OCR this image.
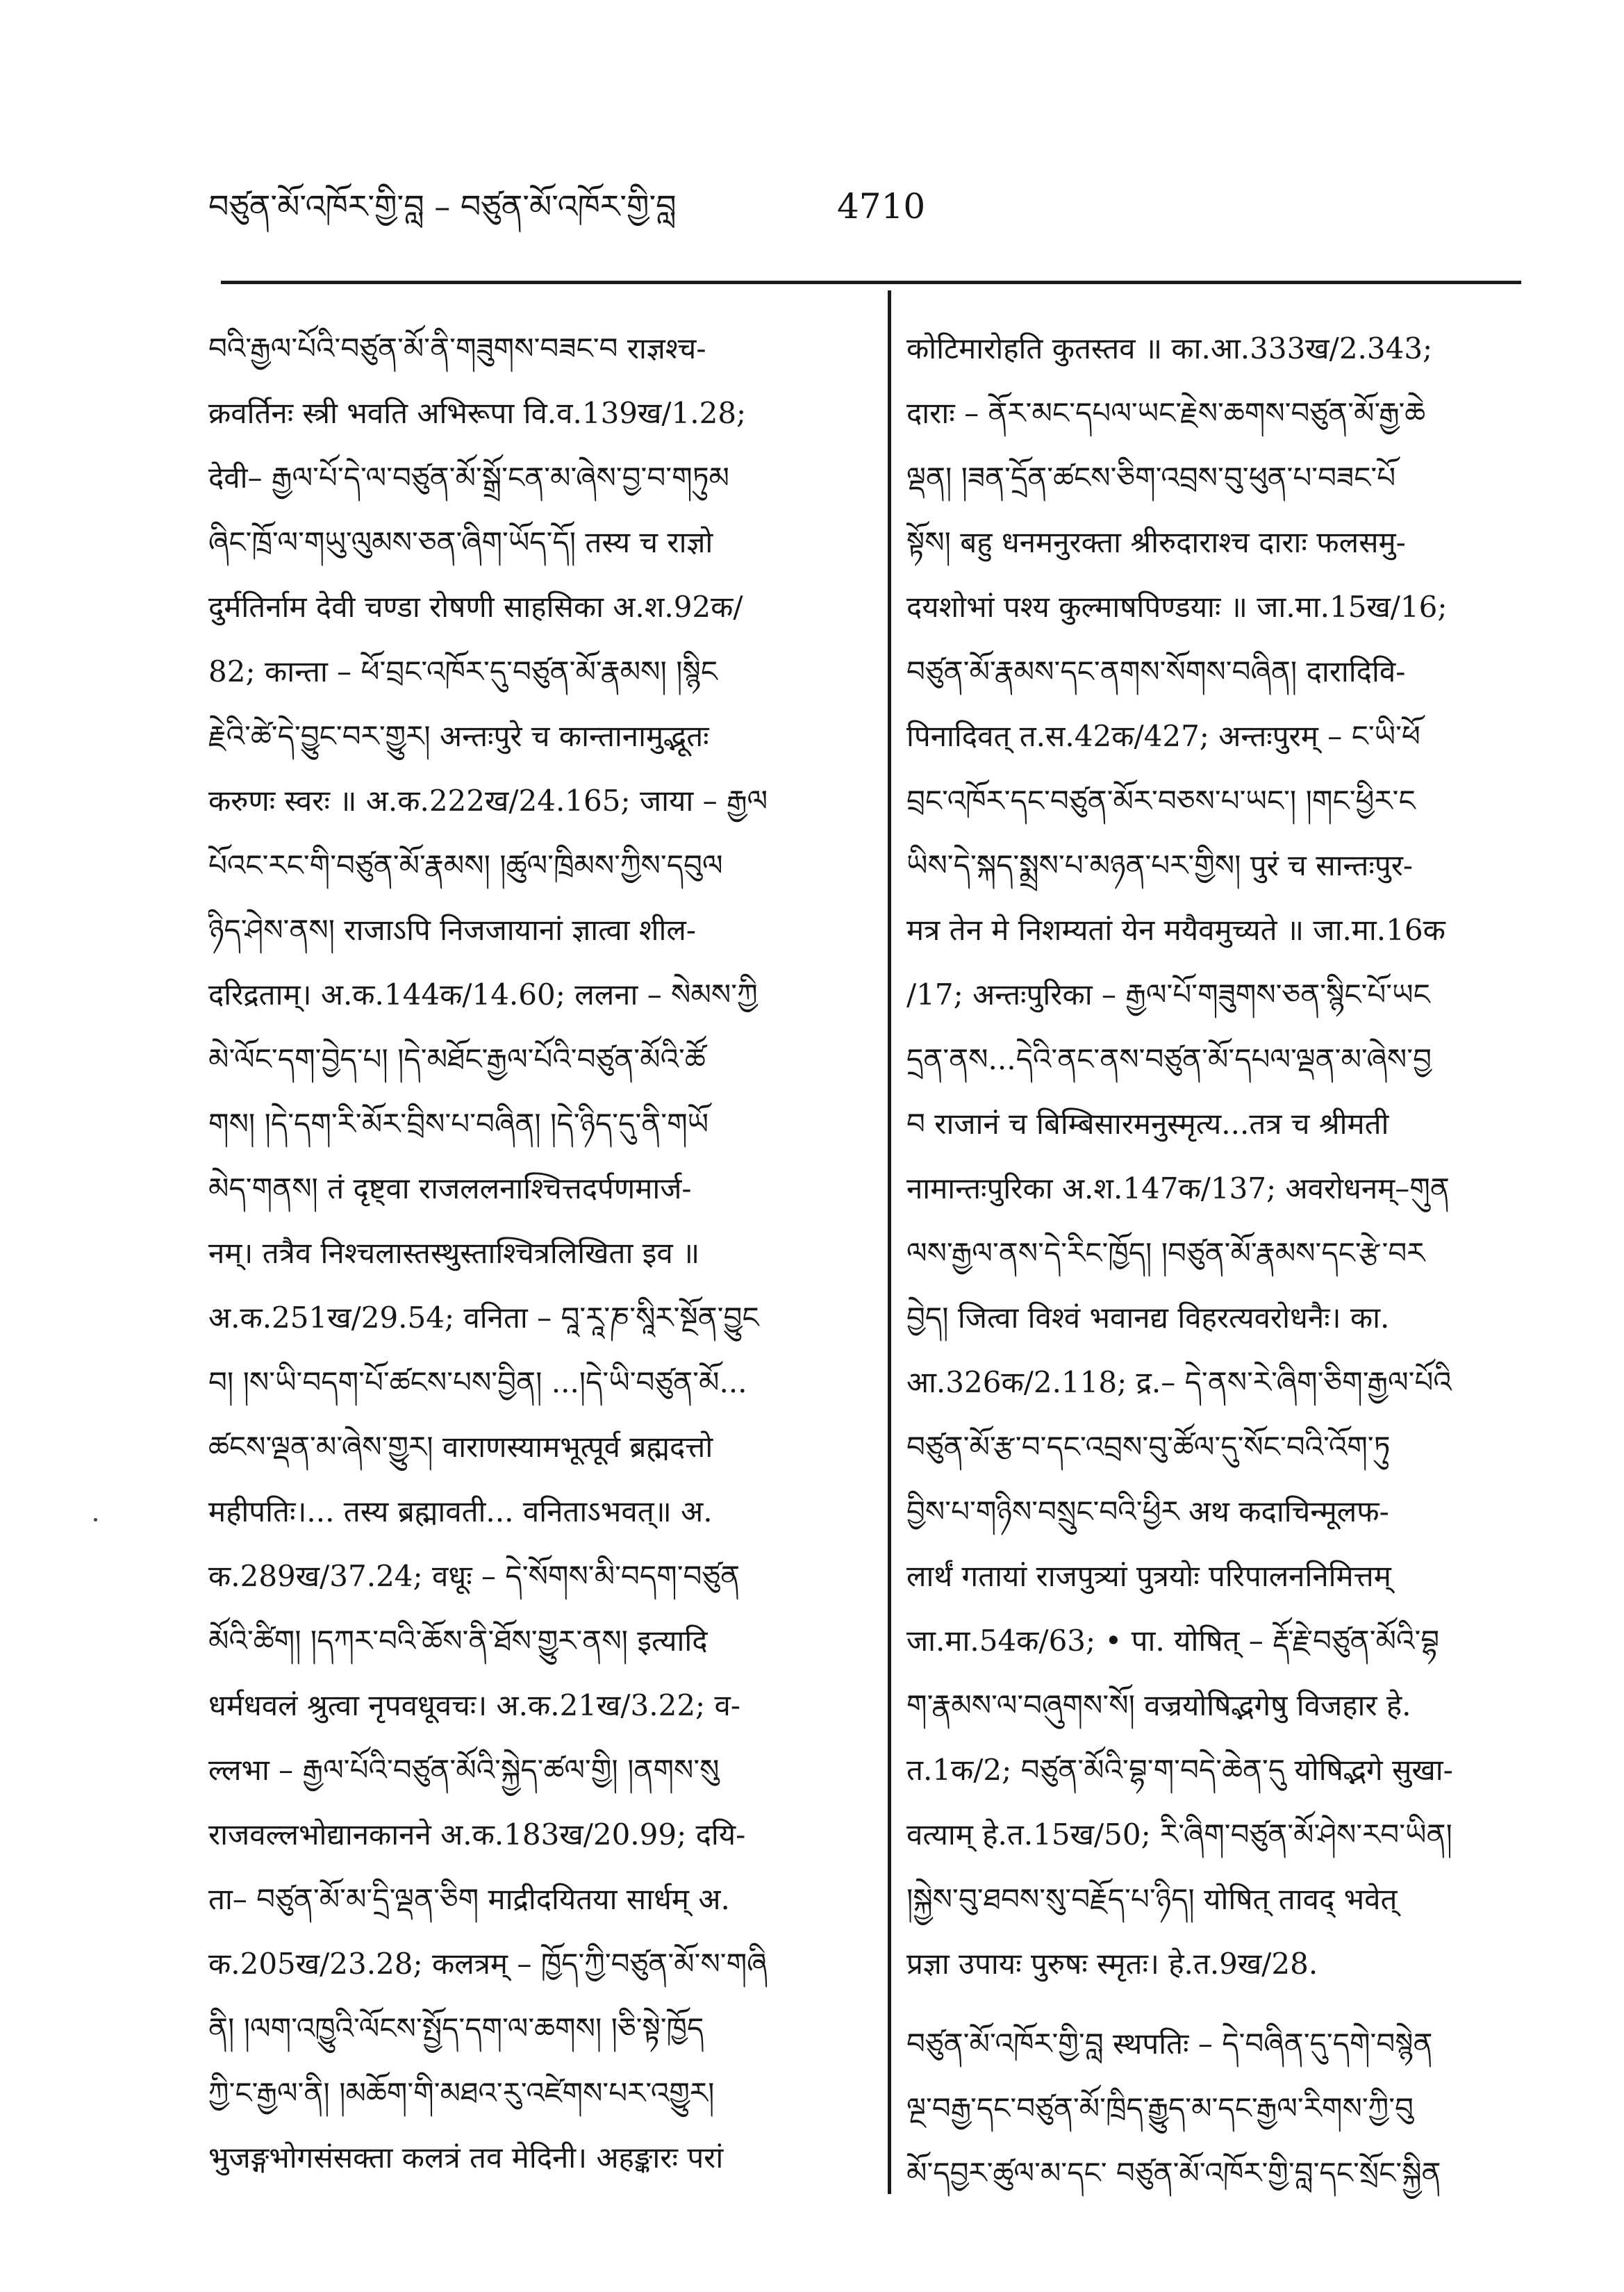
བཙུན་མོ་འཁོར་གྱི་བླ – བཙུན་མོ་འཁོར་གྱི་བླ	4710
བའི་རྒྱལ་པོའི་བཙུན་མོ་ནི་གཟུགས་བཟང་བ राज्ञश्च-
क्रवर्तिनः स्त्री भवति अभिरूपा वि.व.139ख/1.28;
देवी– རྒྱལ་པོ་དེ་ལ་བཙུན་མོ་སྒྲོ་ངན་མ་ཞེས་བྱ་བ་གཏུམ
ཞིང་ཁྲོ་ལ་གཡུ་ལུམས་ཅན་ཞིག་ཡོད་དོ། तस्य च राज्ञो
दुर्मतिर्नाम देवी चण्डा रोषणी साहसिका अ.श.92क/
82; कान्ता – ཕོ་བྲང་འཁོར་དུ་བཙུན་མོ་རྣམས། །སྙིང
རྗེའི་ཚེ་དེ་བྱུང་བར་གྱུར། अन्तःपुरे च कान्तानामुद्भूतः
करुणः स्वरः ॥ अ.क.222ख/24.165; जाया – རྒྱལ
པོའང་རང་གི་བཙུན་མོ་རྣམས། །ཚུལ་ཁྲིམས་ཀྱིས་དབུལ
ཉིད་ཤེས་ནས། राजाऽपि निजजायानां ज्ञात्वा शील-
दरिद्रताम्। अ.क.144क/14.60; ललना – སེམས་ཀྱི
མེ་ལོང་དག་བྱེད་པ། །དེ་མཐོང་རྒྱལ་པོའི་བཙུན་མོའི་ཚོ
གས། །དེ་དག་རི་མོར་བྲིས་པ་བཞིན། །དེ་ཉིད་དུ་ནི་གཡོ
མེད་གནས། तं दृष्ट्वा राजललनाश्चित्तदर्पणमार्ज-
नम्। तत्रैव निश्चलास्तस्थुस्ताश्चित्रलिखिता इव ॥
अ.क.251ख/29.54; वनिता – བཱ་རཱ་ཎ་སཱིར་སྔོན་བྱུང
བ། །ས་ཡི་བདག་པོ་ཚངས་པས་བྱིན། ...།དེ་ཡི་བཙུན་མོ...
ཚངས་ལྡན་མ་ཞེས་གྱུར། वाराणस्यामभूत्पूर्व ब्रह्मदत्तो
महीपतिः।... तस्य ब्रह्मावती... वनिताऽभवत्॥ अ.
क.289ख/37.24; वधूः – དེ་སོགས་མི་བདག་བཙུན
མོའི་ཚིག། །དཀར་བའི་ཆོས་ནི་ཐོས་གྱུར་ནས། इत्यादि
धर्मधवलं श्रुत्वा नृपवधूवचः। अ.क.21ख/3.22; व-
ल्लभा – རྒྱལ་པོའི་བཙུན་མོའི་སྐྱེད་ཚལ་གྱི། །ནགས་སུ
राजवल्लभोद्यानकानने अ.क.183ख/20.99; दयि-
ता– བཙུན་མོ་མ་དྲི་ལྡན་ཅིག माद्रीदयितया सार्धम् अ.
क.205ख/23.28; कलत्रम् – ཁྱོད་ཀྱི་བཙུན་མོ་ས་གཞི
ནི། །ལག་འཁྱུའི་ལོངས་སྤྱོད་དག་ལ་ཆགས། །ཅི་སྟེ་ཁྱོད
ཀྱི་ང་རྒྱལ་ནི། །མཆོག་གི་མཐའ་རུ་འཛེགས་པར་འགྱུར།
भुजङ्गभोगसंसक्ता कलत्रं तव मेदिनी। अहङ्कारः परां
कोटिमारोहति कुतस्तव ॥ का.आ.333ख/2.343;
दाराः – ནོར་མང་དཔལ་ཡང་རྗེས་ཆགས་བཙུན་མོ་རྒྱ་ཆེ
ལྡན། །ཟན་དྲོན་ཚངས་ཅིག་འབྲས་བུ་ཕུན་པ་བཟང་པོ
སྟོས། बहु धनमनुरक्ता श्रीरुदाराश्च दाराः फलसमु-
दयशोभां पश्य कुल्माषपिण्डयाः ॥ जा.मा.15ख/16;
བཙུན་མོ་རྣམས་དང་ནགས་སོགས་བཞིན། दारादिवि-
पिनादिवत् त.स.42क/427; अन्तःपुरम् – ང་ཡི་ཕོ
བྲང་འཁོར་དང་བཙུན་མོར་བཅས་པ་ཡང་། །གང་ཕྱིར་ང
ཡིས་དེ་སྐད་སྨྲས་པ་མཉན་པར་གྱིས། पुरं च सान्तःपुर-
मत्र तेन मे निशम्यतां येन मयैवमुच्यते ॥ जा.मा.16क
/17; अन्तःपुरिका – རྒྱལ་པོ་གཟུགས་ཅན་སྙིང་པོ་ཡང
དྲན་ནས...དེའི་ནང་ནས་བཙུན་མོ་དཔལ་ལྡན་མ་ཞེས་བྱ
བ राजानं च बिम्बिसारमनुस्मृत्य...तत्र च श्रीमती
नामान्तःपुरिका अ.श.147क/137; अवरोधनम्–གུན
ལས་རྒྱལ་ནས་དེ་རིང་ཁྱོད། །བཙུན་མོ་རྣམས་དང་རྩེ་བར
བྱེད། जित्वा विश्वं भवानद्य विहरत्यवरोधनैः। का.
आ.326क/2.118; द्र.– དེ་ནས་རེ་ཞིག་ཅིག་རྒྱལ་པོའི
བཙུན་མོ་རྩ་བ་དང་འབྲས་བུ་ཚོལ་དུ་སོང་བའི་འོག་ཏུ
བྱིས་པ་གཉིས་བསྲུང་བའི་ཕྱིར अथ कदाचिन्मूलफ-
लार्थं गतायां राजपुत्र्यां पुत्रयोः परिपालननिमित्तम्
जा.मा.54क/63; • पा. योषित् – རྡོ་རྗེ་བཙུན་མོའི་བྷ
ག་རྣམས་ལ་བཞུགས་སོ། वज्रयोषिद्भगेषु विजहार हे.
त.1क/2; བཙུན་མོའི་བྷ་ག་བདེ་ཆེན་དུ योषिद्भगे सुखा-
वत्याम् हे.त.15ख/50; རི་ཞིག་བཙུན་མོ་ཤེས་རབ་ཡིན།
།སྐྱེས་བུ་ཐབས་སུ་བརྗོད་པ་ཉིད། योषित् तावद् भवेत्
प्रज्ञा उपायः पुरुषः स्मृतः। हे.त.9ख/28.
བཙུན་མོ་འཁོར་གྱི་བླ स्थपतिः – དེ་བཞིན་དུ་དགེ་བསྙེན
ལྔ་བརྒྱ་དང་བཙུན་མོ་ཁྲིད་རྒྱུད་མ་དང་རྒྱལ་རིགས་ཀྱི་བུ
མོ་དབྱར་ཚུལ་མ་དང་ བཙུན་མོ་འཁོར་གྱི་བླ་དང་སྲོང་སྐྱིན
